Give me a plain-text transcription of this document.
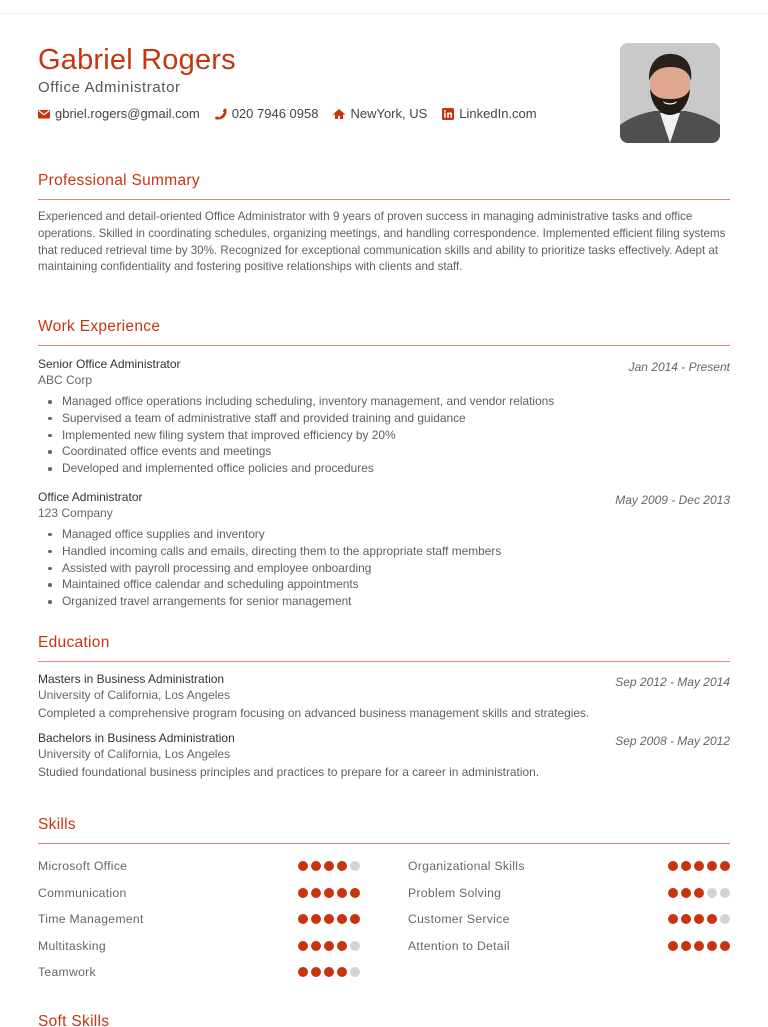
Gabriel Rogers
Office Administrator
gbriel.rogers@gmail.com 020 7946 0958 NewYork, US LinkedIn.com
Professional Summary
Experienced and detail-oriented Office Administrator with 9 years of proven success in managing administrative tasks and office operations. Skilled in coordinating schedules, organizing meetings, and handling correspondence. Implemented efficient filing systems that reduced retrieval time by 30%. Recognized for exceptional communication skills and ability to prioritize tasks effectively. Adept at maintaining confidentiality and fostering positive relationships with clients and staff.
Work Experience
Senior Office Administrator
ABC Corp
Jan 2014 - Present
Managed office operations including scheduling, inventory management, and vendor relations
Supervised a team of administrative staff and provided training and guidance
Implemented new filing system that improved efficiency by 20%
Coordinated office events and meetings
Developed and implemented office policies and procedures
Office Administrator
123 Company
May 2009 - Dec 2013
Managed office supplies and inventory
Handled incoming calls and emails, directing them to the appropriate staff members
Assisted with payroll processing and employee onboarding
Maintained office calendar and scheduling appointments
Organized travel arrangements for senior management
Education
Masters in Business Administration
University of California, Los Angeles
Sep 2012 - May 2014
Completed a comprehensive program focusing on advanced business management skills and strategies.
Bachelors in Business Administration
University of California, Los Angeles
Sep 2008 - May 2012
Studied foundational business principles and practices to prepare for a career in administration.
Skills
Microsoft Office	Organizational Skills
Communication	Problem Solving
Time Management	Customer Service
Multitasking	Attention to Detail
Teamwork
Soft Skills
